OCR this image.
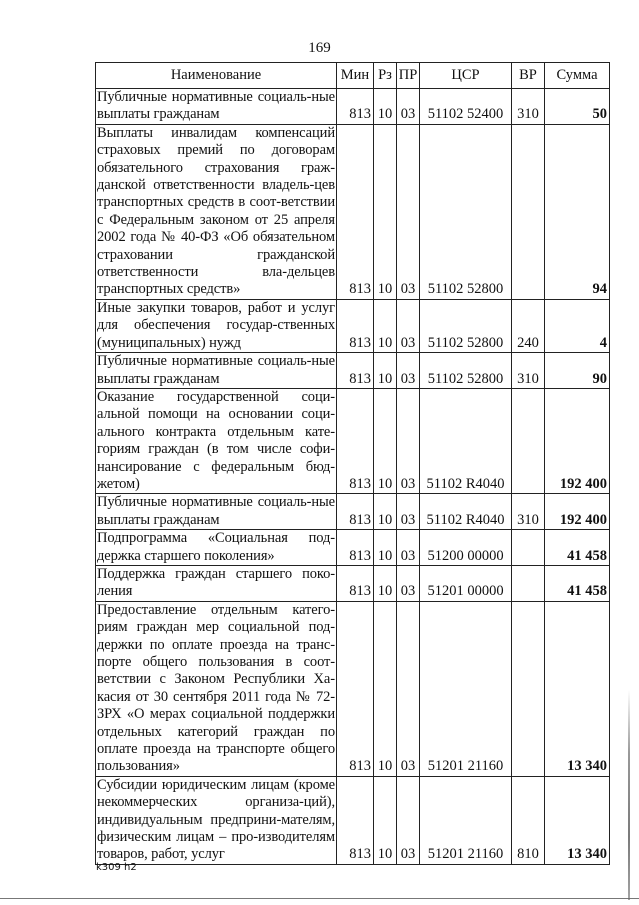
169
Наименование	Мин	Рз	ПР	ЦСР	ВР	Сумма
Публичные нормативные социаль-ные выплаты гражданам	813	10	03	51102 52400	310	50
Выплаты инвалидам компенсаций страховых премий по договорам обязательного страхования граж-данской ответственности владель-цев транспортных средств в соот-ветствии с Федеральным законом от 25 апреля 2002 года № 40-ФЗ «Об обязательном страховании гражданской ответственности вла-дельцев транспортных средств»	813	10	03	51102 52800		94
Иные закупки товаров, работ и услуг для обеспечения государ-ственных (муниципальных) нужд	813	10	03	51102 52800	240	4
Публичные нормативные социаль-ные выплаты гражданам	813	10	03	51102 52800	310	90
Оказание государственной соци-альной помощи на основании соци-ального контракта отдельным кате-гориям граждан (в том числе софи-нансирование с федеральным бюд-жетом)	813	10	03	51102 R4040		192 400
Публичные нормативные социаль-ные выплаты гражданам	813	10	03	51102 R4040	310	192 400
Подпрограмма «Социальная под-держка старшего поколения»	813	10	03	51200 00000		41 458
Поддержка граждан старшего поко-ления	813	10	03	51201 00000		41 458
Предоставление отдельным катего-риям граждан мер социальной под-держки по оплате проезда на транс-порте общего пользования в соот-ветствии с Законом Республики Ха-касия от 30 сентября 2011 года № 72-ЗРХ «О мерах социальной поддержки отдельных категорий граждан по оплате проезда на транспорте общего пользования»	813	10	03	51201 21160		13 340
Субсидии юридическим лицам (кроме некоммерческих организа-ций), индивидуальным предприни-мателям, физическим лицам – про-изводителям товаров, работ, услуг	813	10	03	51201 21160	810	13 340
k309 h2
